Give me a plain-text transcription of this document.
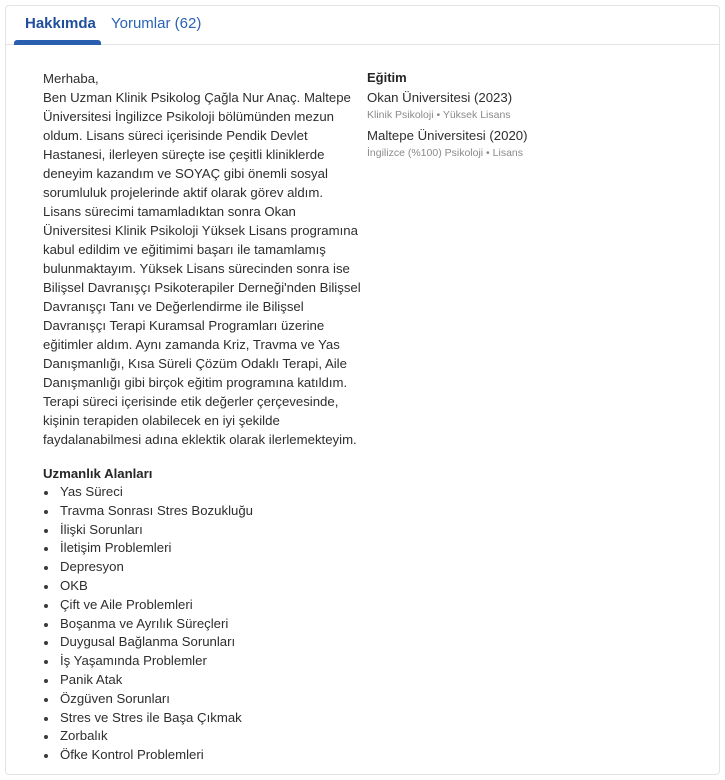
Hakkımda Yorumlar (62)

Merhaba,

Ben Uzman Klinik Psikolog Çağla Nur Anaç. Maltepe Üniversitesi İngilizce Psikoloji bölümünden mezun oldum. Lisans süreci içerisinde Pendik Devlet Hastanesi, ilerleyen süreçte ise çeşitli kliniklerde deneyim kazandım ve SOYAÇ gibi önemli sosyal sorumluluk projelerinde aktif olarak görev aldım. Lisans sürecimi tamamladıktan sonra Okan Üniversitesi Klinik Psikoloji Yüksek Lisans programına kabul edildim ve eğitimimi başarı ile tamamlamış bulunmaktayım. Yüksek Lisans sürecinden sonra ise Bilişsel Davranışçı Psikoterapiler Derneği'nden Bilişsel Davranışçı Tanı ve Değerlendirme ile Bilişsel Davranışçı Terapi Kuramsal Programları üzerine eğitimler aldım. Aynı zamanda Kriz, Travma ve Yas Danışmanlığı, Kısa Süreli Çözüm Odaklı Terapi, Aile Danışmanlığı gibi birçok eğitim programına katıldım.

Terapi süreci içerisinde etik değerler çerçevesinde, kişinin terapiden olabilecek en iyi şekilde faydalanabilmesi adına eklektik olarak ilerlemekteyim.

Uzmanlık Alanları
Yas Süreci
Travma Sonrası Stres Bozukluğu
İlişki Sorunları
İletişim Problemleri
Depresyon
OKB
Çift ve Aile Problemleri
Boşanma ve Ayrılık Süreçleri
Duygusal Bağlanma Sorunları
İş Yaşamında Problemler
Panik Atak
Özgüven Sorunları
Stres ve Stres ile Başa Çıkmak
Zorbalık
Öfke Kontrol Problemleri
Eğitim
Okan Üniversitesi (2023)
Klinik Psikoloji • Yüksek Lisans
Maltepe Üniversitesi (2020)
İngilizce (%100) Psikoloji • Lisans
